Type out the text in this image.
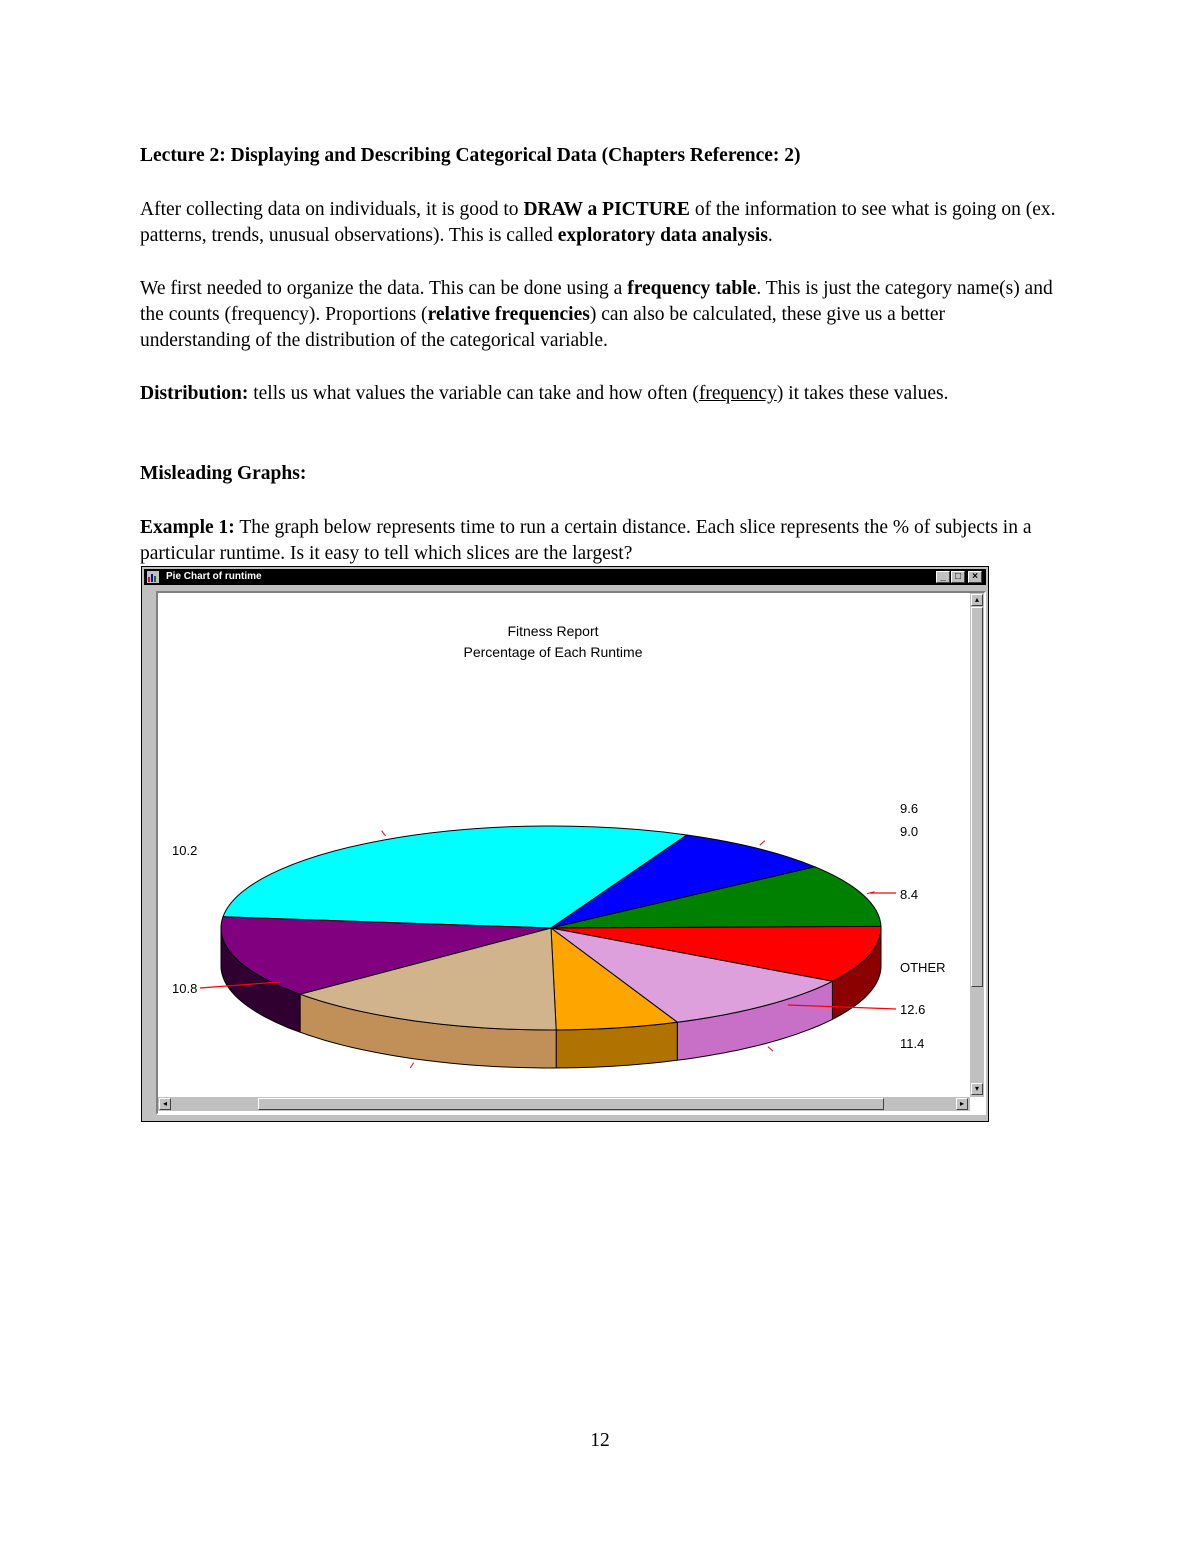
Lecture 2: Displaying and Describing Categorical Data (Chapters Reference: 2)

After collecting data on individuals, it is good to DRAW a PICTURE of the information to see what is going on (ex. patterns, trends, unusual observations). This is called exploratory data analysis.

We first needed to organize the data. This can be done using a frequency table. This is just the category name(s) and the counts (frequency). Proportions (relative frequencies) can also be calculated, these give us a better understanding of the distribution of the categorical variable.

Distribution: tells us what values the variable can take and how often (frequency) it takes these values.

Misleading Graphs:

Example 1: The graph below represents time to run a certain distance. Each slice represents the % of subjects in a particular runtime. Is it easy to tell which slices are the largest?

Pie Chart of runtime	_ □	×
Fitness Report
Percentage of Each Runtime
10.2
9.6
9.0
8.4
OTHER
12.6
11.4
10.8
▴
▾
◂	▸
12
